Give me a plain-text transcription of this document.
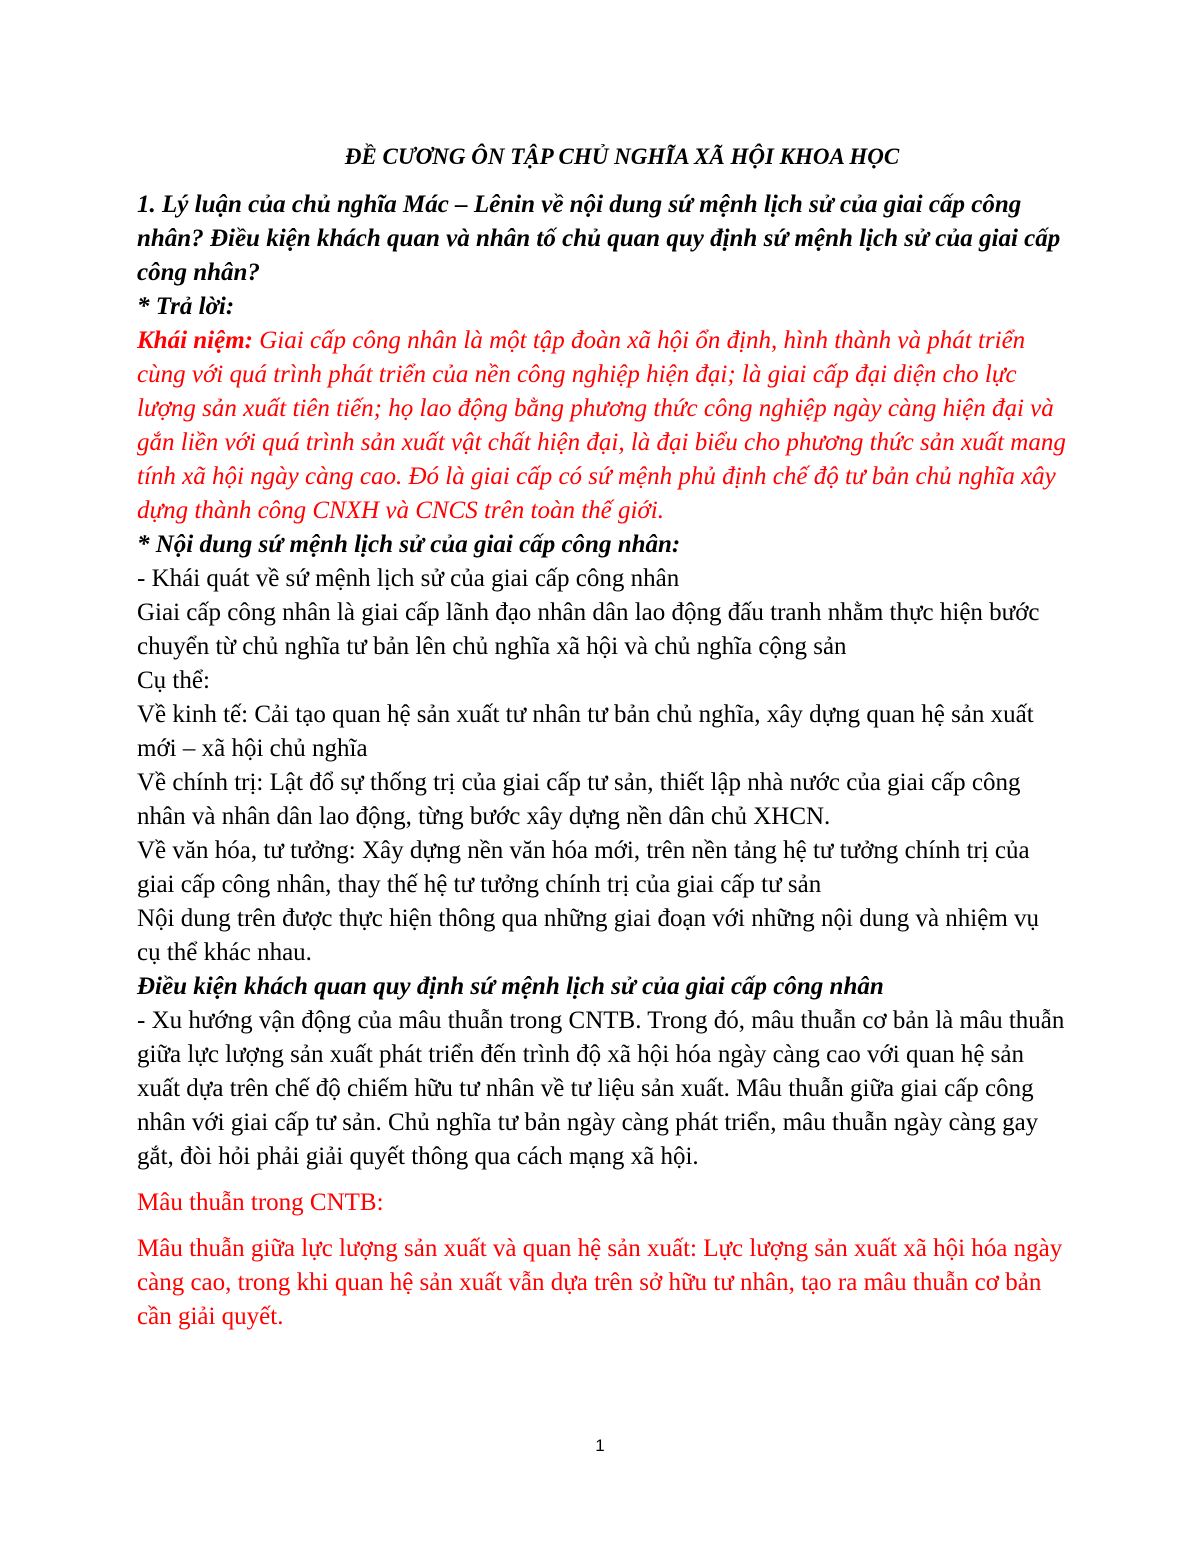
ĐỀ CƯƠNG ÔN TẬP CHỦ NGHĨA XÃ HỘI KHOA HỌC

1. Lý luận của chủ nghĩa Mác – Lênin về nội dung sứ mệnh lịch sử của giai cấp công nhân? Điều kiện khách quan và nhân tố chủ quan quy định sứ mệnh lịch sử của giai cấp công nhân?

* Trả lời:

Khái niệm: Giai cấp công nhân là một tập đoàn xã hội ổn định, hình thành và phát triển cùng với quá trình phát triển của nền công nghiệp hiện đại; là giai cấp đại diện cho lực lượng sản xuất tiên tiến; họ lao động bằng phương thức công nghiệp ngày càng hiện đại và gắn liền với quá trình sản xuất vật chất hiện đại, là đại biểu cho phương thức sản xuất mang tính xã hội ngày càng cao. Đó là giai cấp có sứ mệnh phủ định chế độ tư bản chủ nghĩa xây dựng thành công CNXH và CNCS trên toàn thế giới.

* Nội dung sứ mệnh lịch sử của giai cấp công nhân:

- Khái quát về sứ mệnh lịch sử của giai cấp công nhân

Giai cấp công nhân là giai cấp lãnh đạo nhân dân lao động đấu tranh nhằm thực hiện bước chuyển từ chủ nghĩa tư bản lên chủ nghĩa xã hội và chủ nghĩa cộng sản

Cụ thể:

Về kinh tế: Cải tạo quan hệ sản xuất tư nhân tư bản chủ nghĩa, xây dựng quan hệ sản xuất mới – xã hội chủ nghĩa

Về chính trị: Lật đổ sự thống trị của giai cấp tư sản, thiết lập nhà nước của giai cấp công nhân và nhân dân lao động, từng bước xây dựng nền dân chủ XHCN.

Về văn hóa, tư tưởng: Xây dựng nền văn hóa mới, trên nền tảng hệ tư tưởng chính trị của giai cấp công nhân, thay thế hệ tư tưởng chính trị của giai cấp tư sản

Nội dung trên được thực hiện thông qua những giai đoạn với những nội dung và nhiệm vụ cụ thể khác nhau.

Điều kiện khách quan quy định sứ mệnh lịch sử của giai cấp công nhân

- Xu hướng vận động của mâu thuẫn trong CNTB. Trong đó, mâu thuẫn cơ bản là mâu thuẫn giữa lực lượng sản xuất phát triển đến trình độ xã hội hóa ngày càng cao với quan hệ sản xuất dựa trên chế độ chiếm hữu tư nhân về tư liệu sản xuất. Mâu thuẫn giữa giai cấp công nhân với giai cấp tư sản. Chủ nghĩa tư bản ngày càng phát triển, mâu thuẫn ngày càng gay gắt, đòi hỏi phải giải quyết thông qua cách mạng xã hội.

Mâu thuẫn trong CNTB:

Mâu thuẫn giữa lực lượng sản xuất và quan hệ sản xuất: Lực lượng sản xuất xã hội hóa ngày càng cao, trong khi quan hệ sản xuất vẫn dựa trên sở hữu tư nhân, tạo ra mâu thuẫn cơ bản cần giải quyết.

1
